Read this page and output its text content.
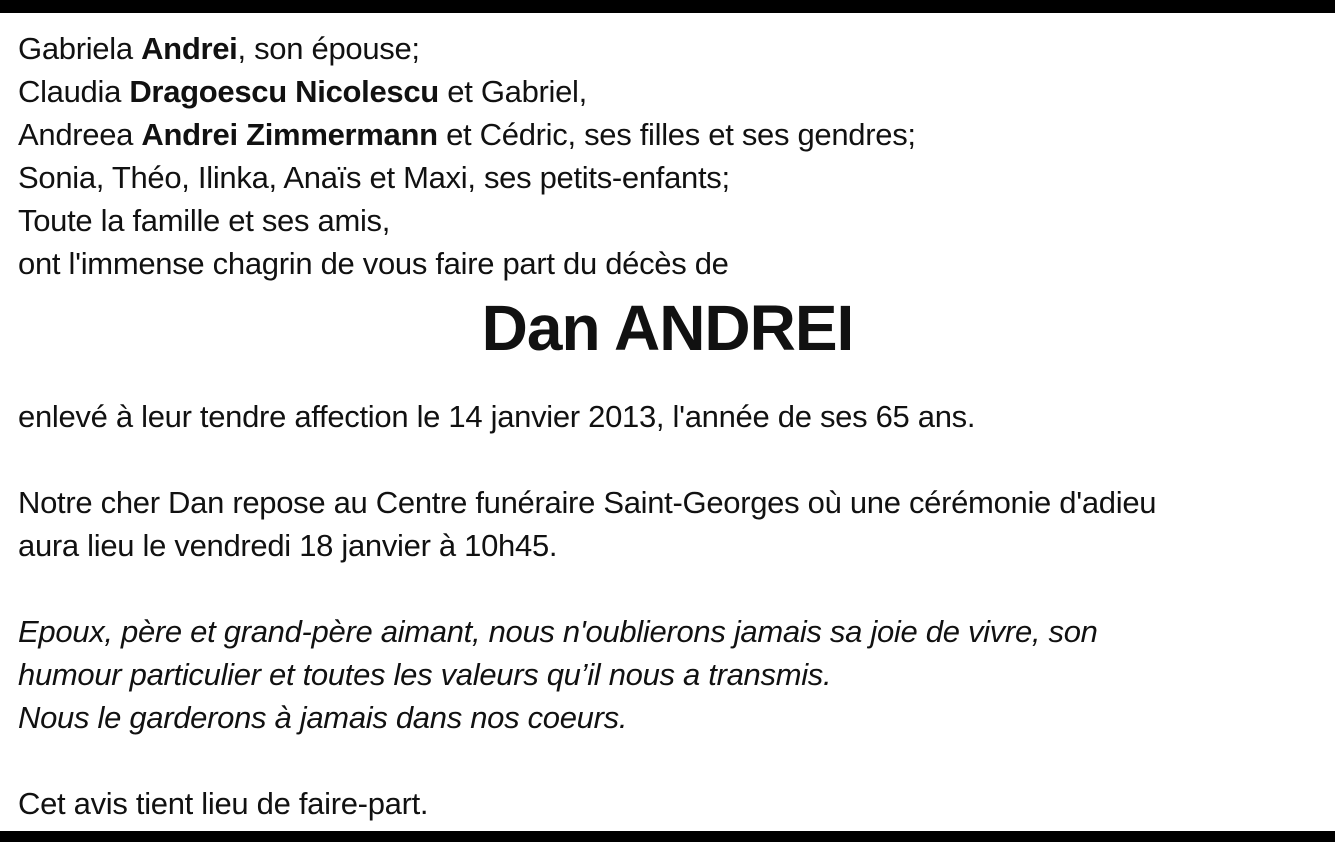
Gabriela Andrei, son épouse;
Claudia Dragoescu Nicolescu et Gabriel,
Andreea Andrei Zimmermann et Cédric, ses filles et ses gendres;
Sonia, Théo, Ilinka, Anaïs et Maxi, ses petits-enfants;
Toute la famille et ses amis,
ont l'immense chagrin de vous faire part du décès de
Dan ANDREI

enlevé à leur tendre affection le 14 janvier 2013, l'année de ses 65 ans.

Notre cher Dan repose au Centre funéraire Saint-Georges où une cérémonie d'adieu
aura lieu le vendredi 18 janvier à 10h45.

Epoux, père et grand-père aimant, nous n'oublierons jamais sa joie de vivre, son
humour particulier et toutes les valeurs qu’il nous a transmis.
Nous le garderons à jamais dans nos coeurs.

Cet avis tient lieu de faire-part.
